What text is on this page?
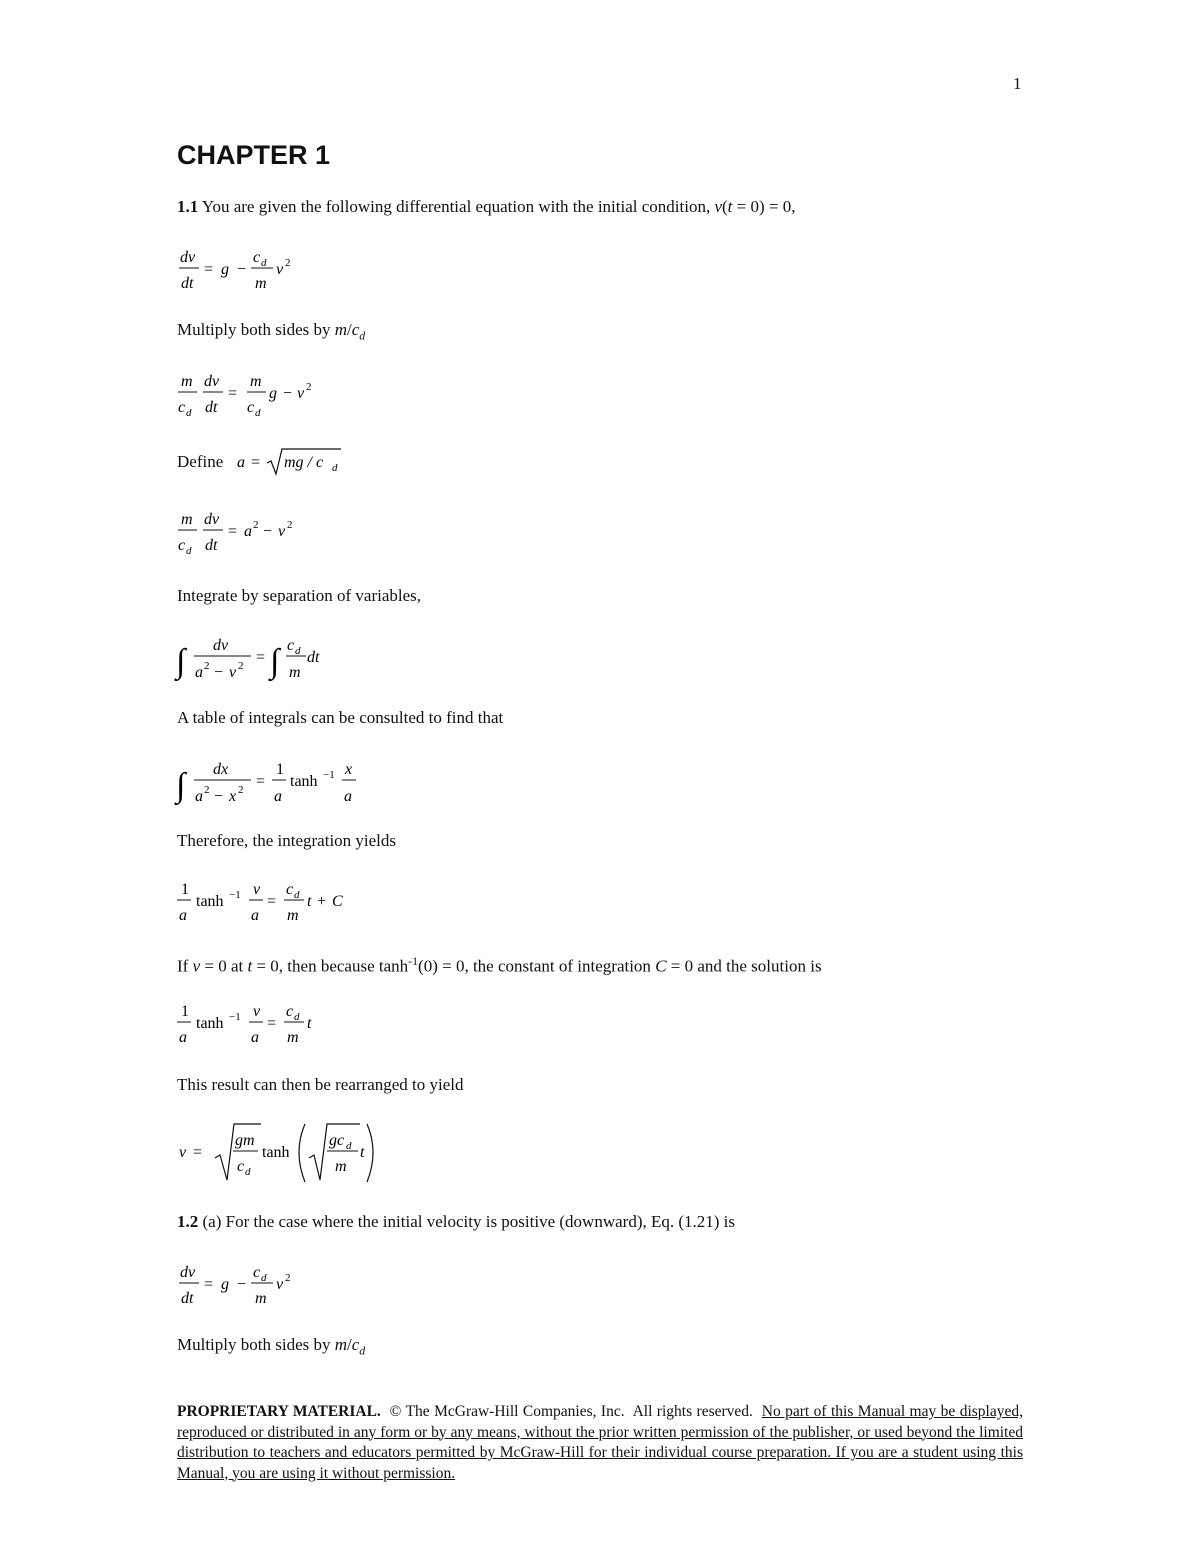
1
CHAPTER 1
1.1 You are given the following differential equation with the initial condition, v(t = 0) = 0,
dv
dt
= g −
c d
m
v 2
Multiply both sides by $m/c_d$
m
c d
dv
dt
=
m
c d
g − v 2
Define a = mg / c d
m
c d
dv
dt
= a 2 − v 2
Integrate by separation of variables,
∫ dv
a 2 − v 2 = ∫ c d
m
dt
A table of integrals can be consulted to find that
∫ dx
a 2 − x 2 =
1
a
tanh −1 x
a
Therefore, the integration yields
1
a
tanh −1 v
a
=
c d
m
t + C
If v = 0 at t = 0, then because $\tanh^{-1}(0) = 0$, the constant of integration C = 0 and the solution is
1
a
tanh −1 v
a
=
c d
m
t
This result can then be rearranged to yield
v =
gm
c d
tanh
gc d
m
t
1.2 (a) For the case where the initial velocity is positive (downward), Eq. (1.21) is
dv
dt
= g −
c d
m
v 2
Multiply both sides by $m/c_d$
PROPRIETARY MATERIAL.  © The McGraw-Hill Companies, Inc.  All rights reserved.  No part of this Manual may be displayed, reproduced or distributed in any form or by any means, without the prior written permission of the publisher, or used beyond the limited distribution to teachers and educators permitted by McGraw-Hill for their individual course preparation. If you are a student using this Manual, you are using it without permission.
